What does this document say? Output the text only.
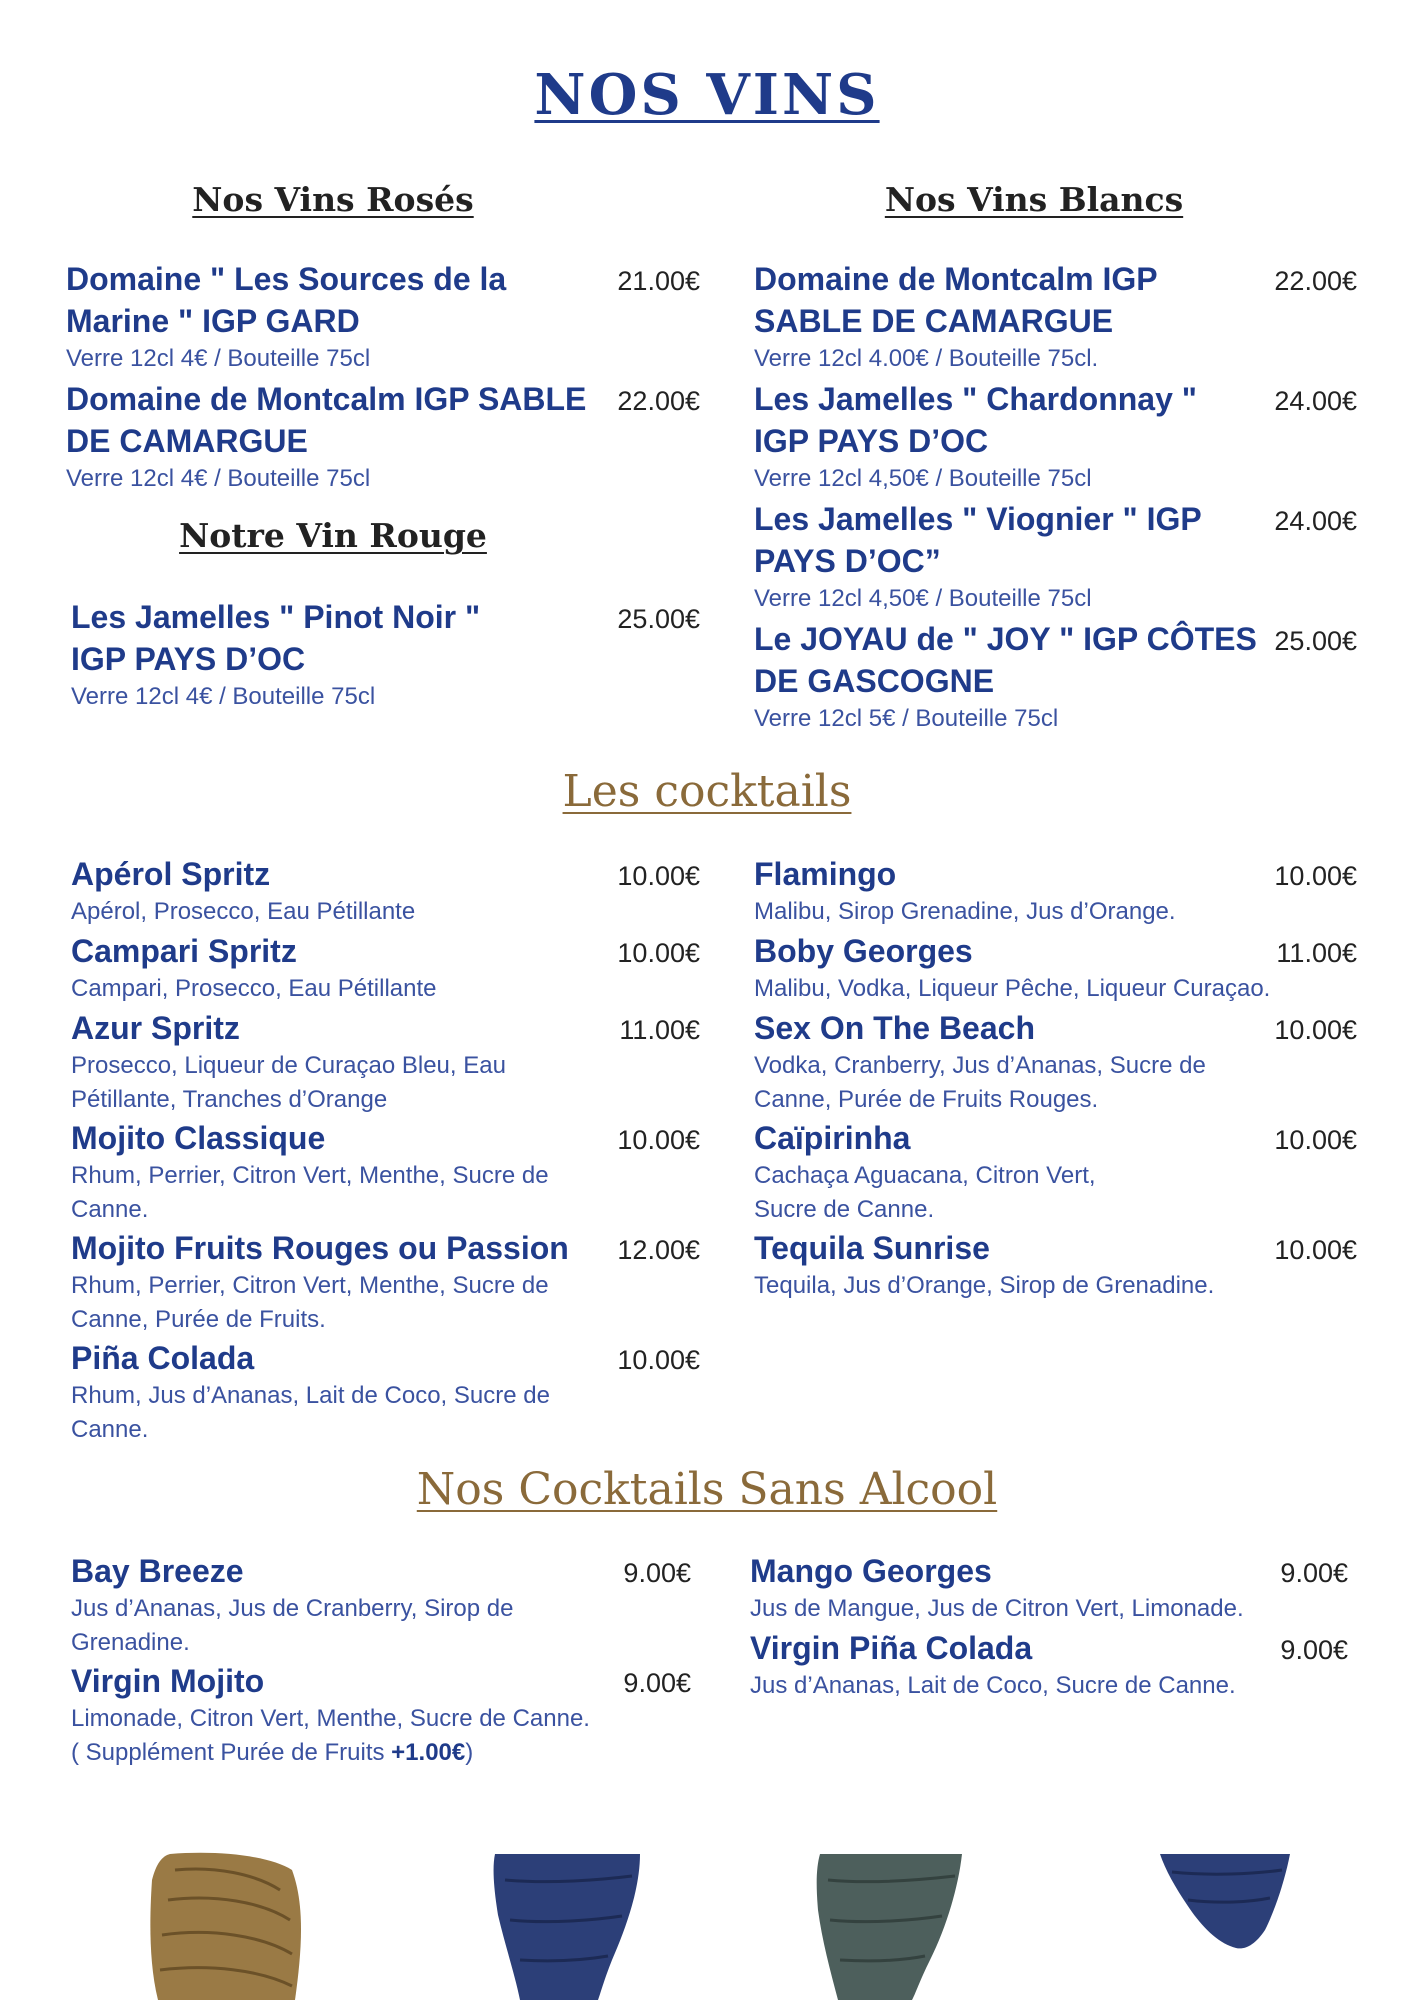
NOS VINS
Nos Vins Rosés
Domaine " Les Sources de la Marine " IGP GARD
Verre 12cl 4€ / Bouteille 75cl
21.00€
Domaine de Montcalm IGP SABLE DE CAMARGUE
Verre 12cl 4€ / Bouteille 75cl
22.00€
Notre Vin Rouge
Les Jamelles " Pinot Noir " IGP PAYS D’OC
Verre 12cl 4€ / Bouteille 75cl
25.00€
Nos Vins Blancs
Domaine de Montcalm IGP SABLE DE CAMARGUE
Verre 12cl 4.00€ / Bouteille 75cl.
22.00€
Les Jamelles " Chardonnay " IGP PAYS D’OC
Verre 12cl 4,50€ / Bouteille 75cl
24.00€
Les Jamelles " Viognier " IGP PAYS D’OC”
Verre 12cl 4,50€ / Bouteille 75cl
24.00€
Le JOYAU de " JOY " IGP CÔTES DE GASCOGNE
Verre 12cl 5€ / Bouteille 75cl
25.00€
Les cocktails
Apérol Spritz
Apérol, Prosecco, Eau Pétillante
10.00€
Campari Spritz
Campari, Prosecco, Eau Pétillante
10.00€
Azur Spritz
Prosecco, Liqueur de Curaçao Bleu, Eau Pétillante, Tranches d’Orange
11.00€
Mojito Classique
Rhum, Perrier, Citron Vert, Menthe, Sucre de Canne.
10.00€
Mojito Fruits Rouges ou Passion
Rhum, Perrier, Citron Vert, Menthe, Sucre de Canne, Purée de Fruits.
12.00€
Piña Colada
Rhum, Jus d’Ananas, Lait de Coco, Sucre de Canne.
10.00€
Flamingo
Malibu, Sirop Grenadine, Jus d’Orange.
10.00€
Boby Georges
Malibu, Vodka, Liqueur Pêche, Liqueur Curaçao.
11.00€
Sex On The Beach
Vodka, Cranberry, Jus d’Ananas, Sucre de Canne, Purée de Fruits Rouges.
10.00€
Caïpirinha
Cachaça Aguacana, Citron Vert, Sucre de Canne.
10.00€
Tequila Sunrise
Tequila, Jus d’Orange, Sirop de Grenadine.
10.00€
Nos Cocktails Sans Alcool
Bay Breeze
Jus d’Ananas, Jus de Cranberry, Sirop de Grenadine.
9.00€
Virgin Mojito
Limonade, Citron Vert, Menthe, Sucre de Canne.
( Supplément Purée de Fruits +1.00€)
9.00€
Mango Georges
Jus de Mangue, Jus de Citron Vert, Limonade.
9.00€
Virgin Piña Colada
Jus d’Ananas, Lait de Coco, Sucre de Canne.
9.00€
